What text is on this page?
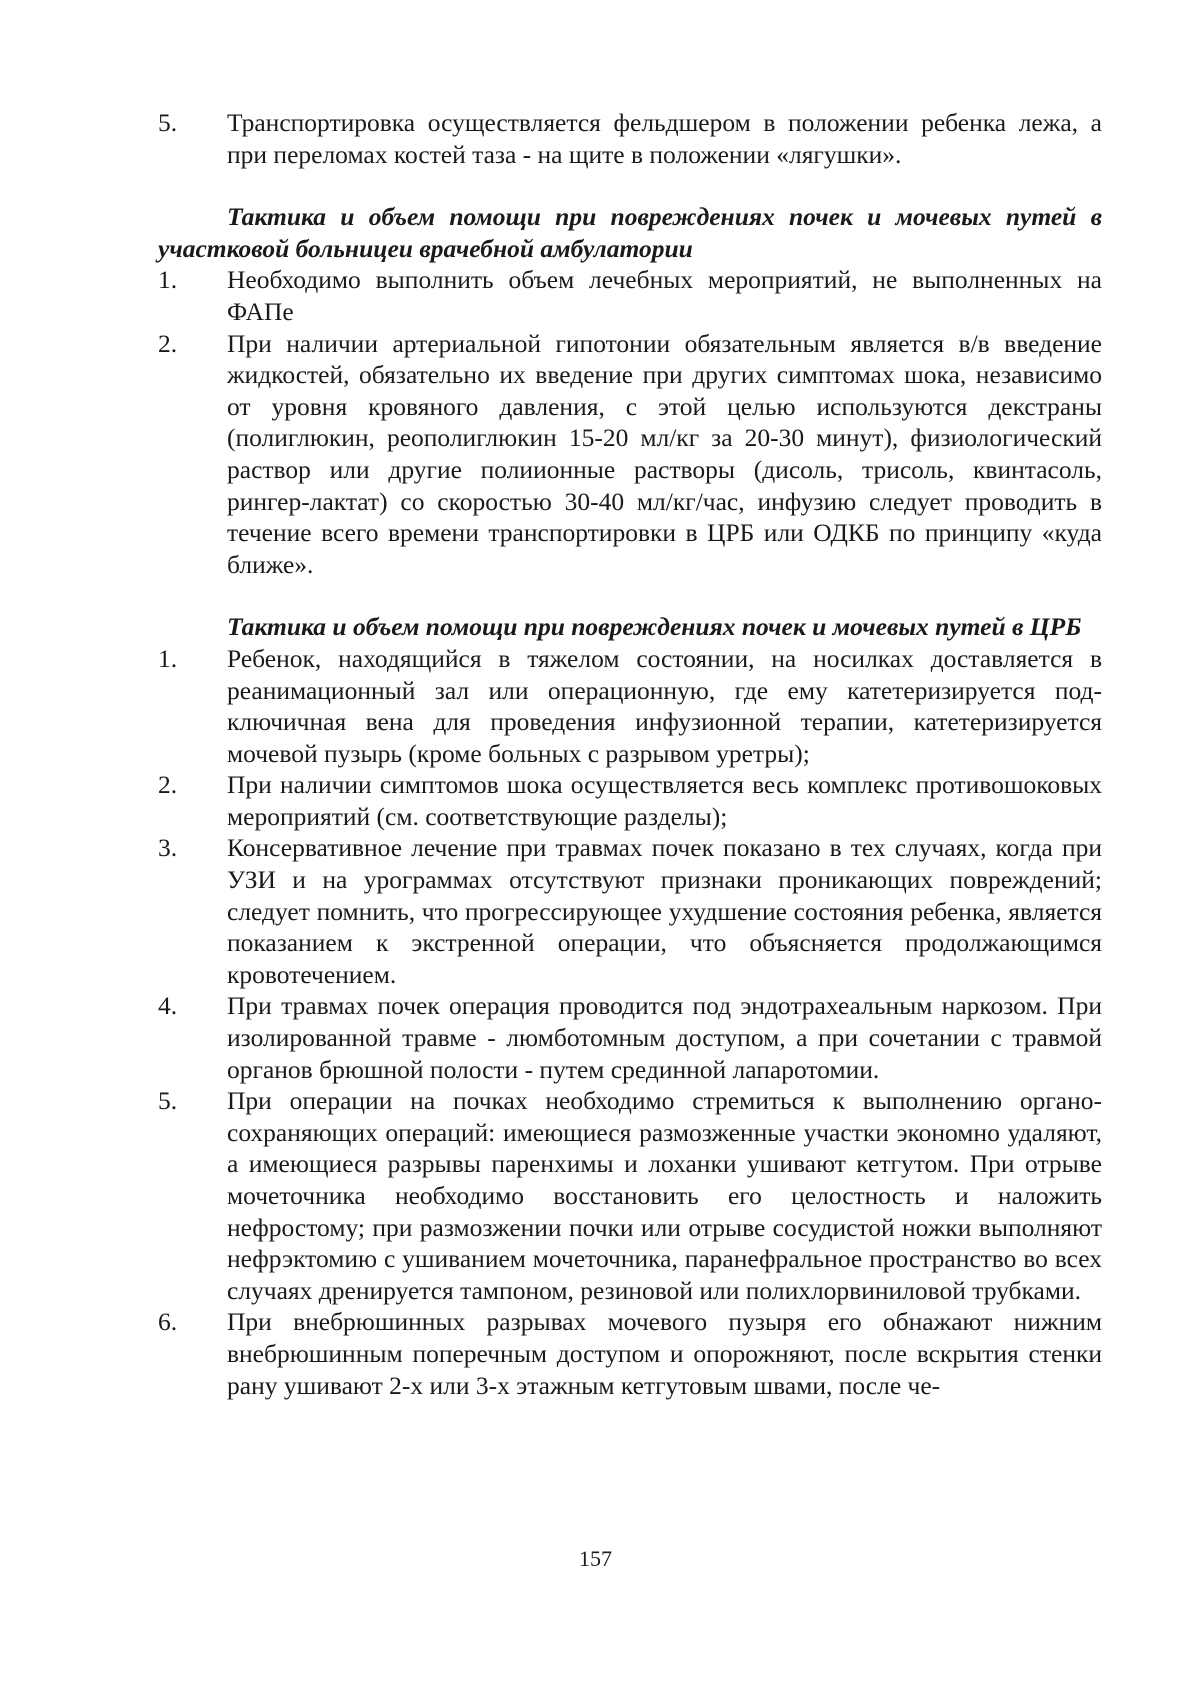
5. Транспортировка осуществляется фельдшером в положении ребенка лежа, а при переломах костей таза - на щите в положении «лягушки».
Тактика и объем помощи при повреждениях почек и мочевых путей в участковой больницеи врачебной амбулатории
1. Необходимо выполнить объем лечебных мероприятий, не выполненных на ФАПе
2. При наличии артериальной гипотонии обязательным является в/в введение жидкостей, обязательно их введение при других симптомах шока, независимо от уровня кровяного давления, с этой целью используются декстраны (полиглюкин, реополиглюкин 15-20 мл/кг за 20-30 минут), физиологический раствор или другие полиионные растворы (дисоль, трисоль, квинтасоль, рингер-лактат) со скоростью 30-40 мл/кг/час, инфузию следует проводить в течение всего времени транспортировки в ЦРБ или ОДКБ по принципу «куда ближе».
Тактика и объем помощи при повреждениях почек и мочевых путей в ЦРБ
1. Ребенок, находящийся в тяжелом состоянии, на носилках доставляется в реанимационный зал или операционную, где ему катетеризируется подключичная вена для проведения инфузионной терапии, катетеризируется мочевой пузырь (кроме больных с разрывом уретры);
2. При наличии симптомов шока осуществляется весь комплекс противошоковых мероприятий (см. соответствующие разделы);
3. Консервативное лечение при травмах почек показано в тех случаях, когда при УЗИ и на урограммах отсутствуют признаки проникающих повреждений; следует помнить, что прогрессирующее ухудшение состояния ребенка, является показанием к экстренной операции, что объясняется продолжающимся кровотечением.
4. При травмах почек операция проводится под эндотрахеальным наркозом. При изолированной травме - люмботомным доступом, а при сочетании с травмой органов брюшной полости - путем срединной лапаротомии.
5. При операции на почках необходимо стремиться к выполнению органосохраняющих операций: имеющиеся размозженные участки экономно удаляют, а имеющиеся разрывы паренхимы и лоханки ушивают кетгутом. При отрыве мочеточника необходимо восстановить его целостность и наложить нефростому; при размозжении почки или отрыве сосудистой ножки выполняют нефрэктомию с ушиванием мочеточника, паранефральное пространство во всех случаях дренируется тампоном, резиновой или полихлорвиниловой трубками.
6. При внебрюшинных разрывах мочевого пузыря его обнажают нижним внебрюшинным поперечным доступом и опорожняют, после вскрытия стенки рану ушивают 2-х или 3-х этажным кетгутовым швами, после че-
157
